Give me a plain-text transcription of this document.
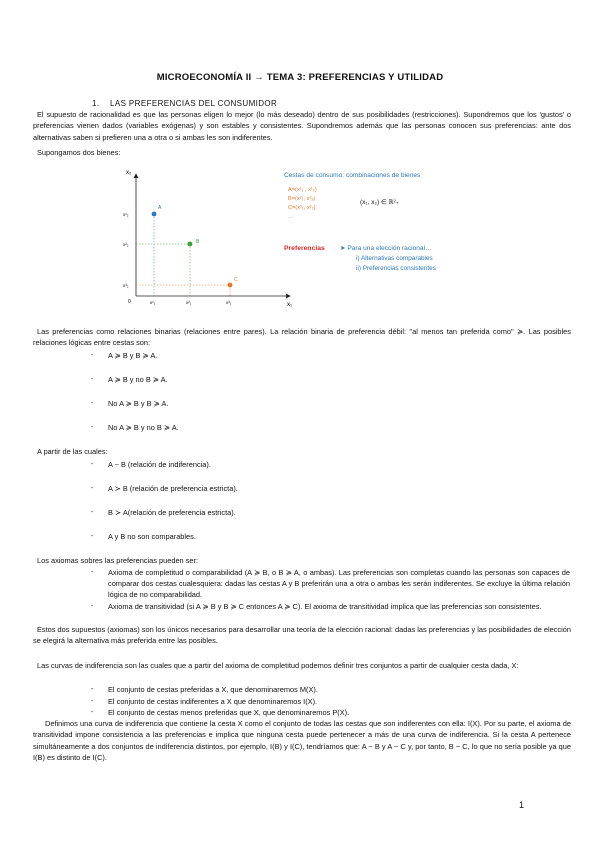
MICROECONOMÍA II → TEMA 3: PREFERENCIAS Y UTILIDAD
1. LAS PREFERENCIAS DEL CONSUMIDOR

El supuesto de racionalidad es que las personas eligen lo mejor (lo más deseado) dentro de sus posibilidades (restricciones). Supondremos que los 'gustos' o preferencias vienen dados (variables exógenas) y son estables y consistentes. Supondremos además que las personas conocen sus preferencias: ante dos alternativas saben si prefieren una a otra o si ambas les son indiferentes.

Supongamos dos bienes:
x₂
x₁
0
A
B
C
x¹₂
x²₂
x³₂
x¹₁	x²₁	x³₁
Cestas de consumo: combinaciones de bienes
A=(x¹₁ , x¹₂)
B=(x²₁, x²₂)
C=(x³₁, x³₂)
…
(x₁, x₂) ∈ ℝ²₊
Preferencias ➤ Para una elección racional…
i) Alternativas comparables
ii) Preferencias consistentes

Las preferencias como relaciones binarias (relaciones entre pares). La relación binaria de preferencia débil: "al menos tan preferida como" ≽. Las posibles relaciones lógicas entre cestas son:

- A ≽ B y B ≽ A.
- A ≽ B y no B ≽ A.
- No A ≽ B y B ≽ A.
- No A ≽ B y no B ≽ A.
A partir de las cuales:
- A ~ B (relación de indiferencia).
- A ≻ B (relación de preferencia estricta).
- B ≻ A(relación de preferencia estricta).
- A y B no son comparables.
Los axiomas sobres las preferencias pueden ser:
- Axioma de completitud o comparabilidad (A ≽ B, o B ≽ A, o ambas). Las preferencias son completas cuando las personas son capaces de comparar dos cestas cualesquiera: dadas las cestas A y B preferirán una a otra o ambas les serán indiferentes. Se excluye la última relación lógica de no comparabilidad.
- Axioma de transitividad (si A ≽ B y B ≽ C entonces A ≽ C). El axioma de transitividad implica que las preferencias son consistentes.

Estos dos supuestos (axiomas) son los únicos necesarios para desarrollar una teoría de la elección racional: dadas las preferencias y las posibilidades de elección se elegirá la alternativa más preferida entre las posibles.

Las curvas de indiferencia son las cuales que a partir del axioma de completitud podemos definir tres conjuntos a partir de cualquier cesta dada, X:

- El conjunto de cestas preferidas a X, que denominaremos M(X).
- El conjunto de cestas indiferentes a X que denominaremos I(X).
- El conjunto de cestas menos preferidas que X, que denominaremos P(X).

Definimos una curva de indiferencia que contiene la cesta X como el conjunto de todas las cestas que son indiferentes con ella: I(X). Por su parte, el axioma de transitividad impone consistencia a las preferencias e implica que ninguna cesta puede pertenecer a más de una curva de indiferencia. Si la cesta A pertenece simultáneamente a dos conjuntos de indiferencia distintos, por ejemplo, I(B) y I(C), tendríamos que: A ~ B y A ~ C y, por tanto, B ~ C, lo que no sería posible ya que I(B) es distinto de I(C).

1
